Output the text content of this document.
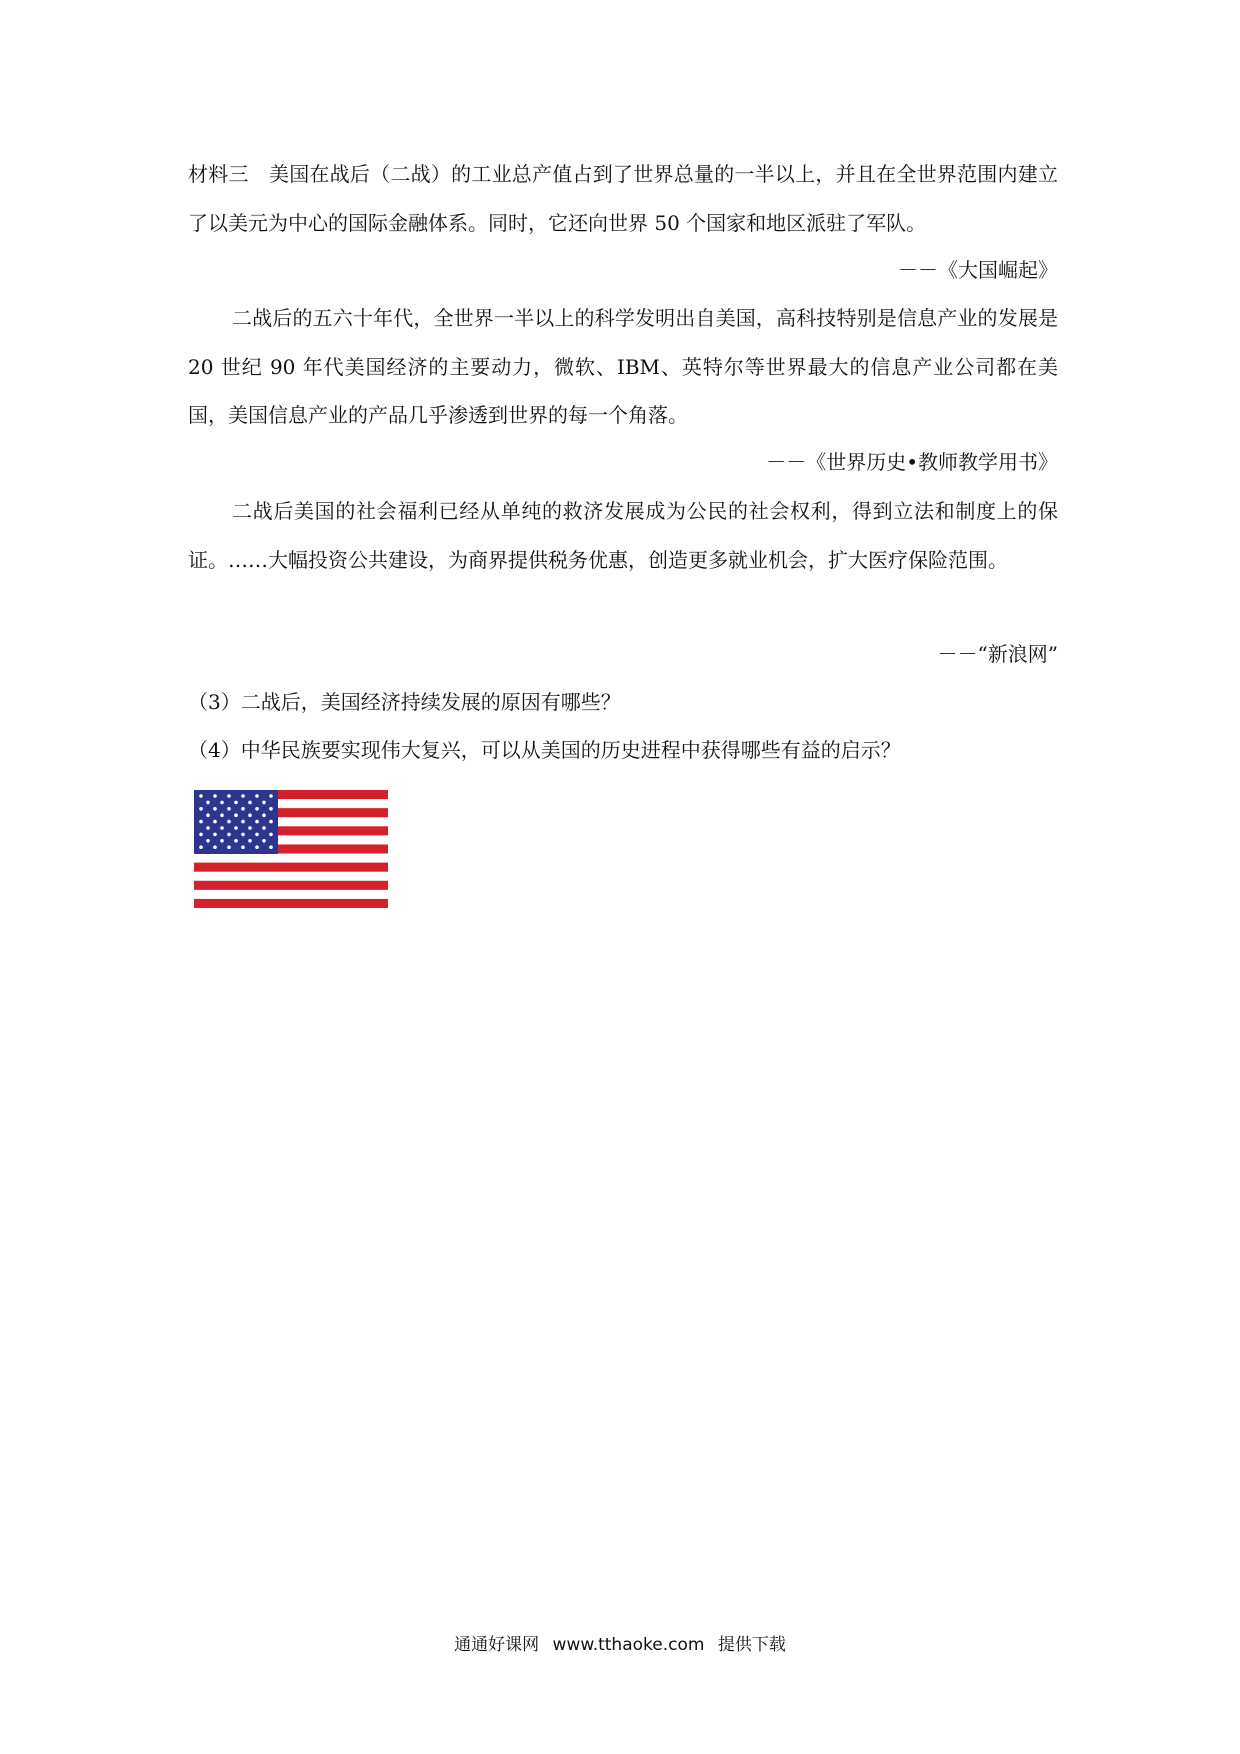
材料三　美国在战后（二战）的工业总产值占到了世界总量的一半以上，并且在全世界范围内建立了以美元为中心的国际金融体系。同时，它还向世界 50 个国家和地区派驻了军队。

－－《大国崛起》

二战后的五六十年代，全世界一半以上的科学发明出自美国，高科技特别是信息产业的发展是 20 世纪 90 年代美国经济的主要动力，微软、IBM、英特尔等世界最大的信息产业公司都在美国，美国信息产业的产品几乎渗透到世界的每一个角落。

－－《世界历史•教师教学用书》

二战后美国的社会福利已经从单纯的救济发展成为公民的社会权利，得到立法和制度上的保证。……大幅投资公共建设，为商界提供税务优惠，创造更多就业机会，扩大医疗保险范围。

－－“新浪网”

（3）二战后，美国经济持续发展的原因有哪些？

（4）中华民族要实现伟大复兴，可以从美国的历史进程中获得哪些有益的启示？

通通好课网 www.tthaoke.com 提供下载
